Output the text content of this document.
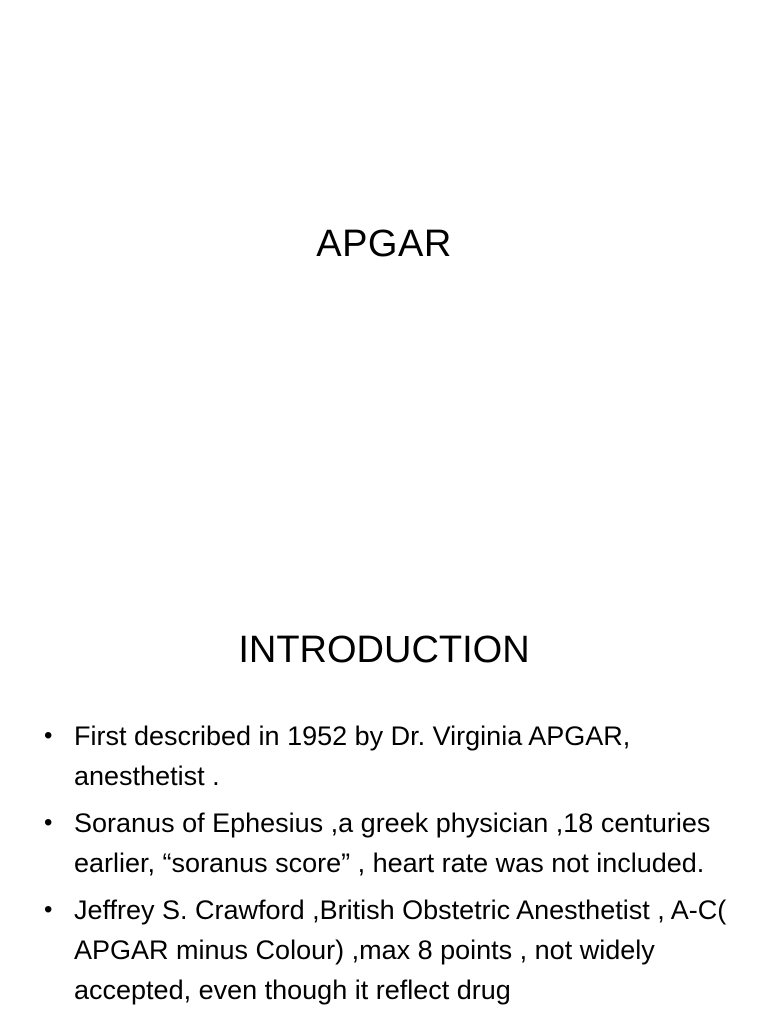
APGAR
INTRODUCTION
• First described in 1952 by Dr. Virginia APGAR, anesthetist .
• Soranus of Ephesius ,a greek physician ,18 centuries earlier, “soranus score” , heart rate was not included.
• Jeffrey S. Crawford ,British Obstetric Anesthetist , A-C( APGAR minus Colour) ,max 8 points , not widely accepted, even though it reflect drug
